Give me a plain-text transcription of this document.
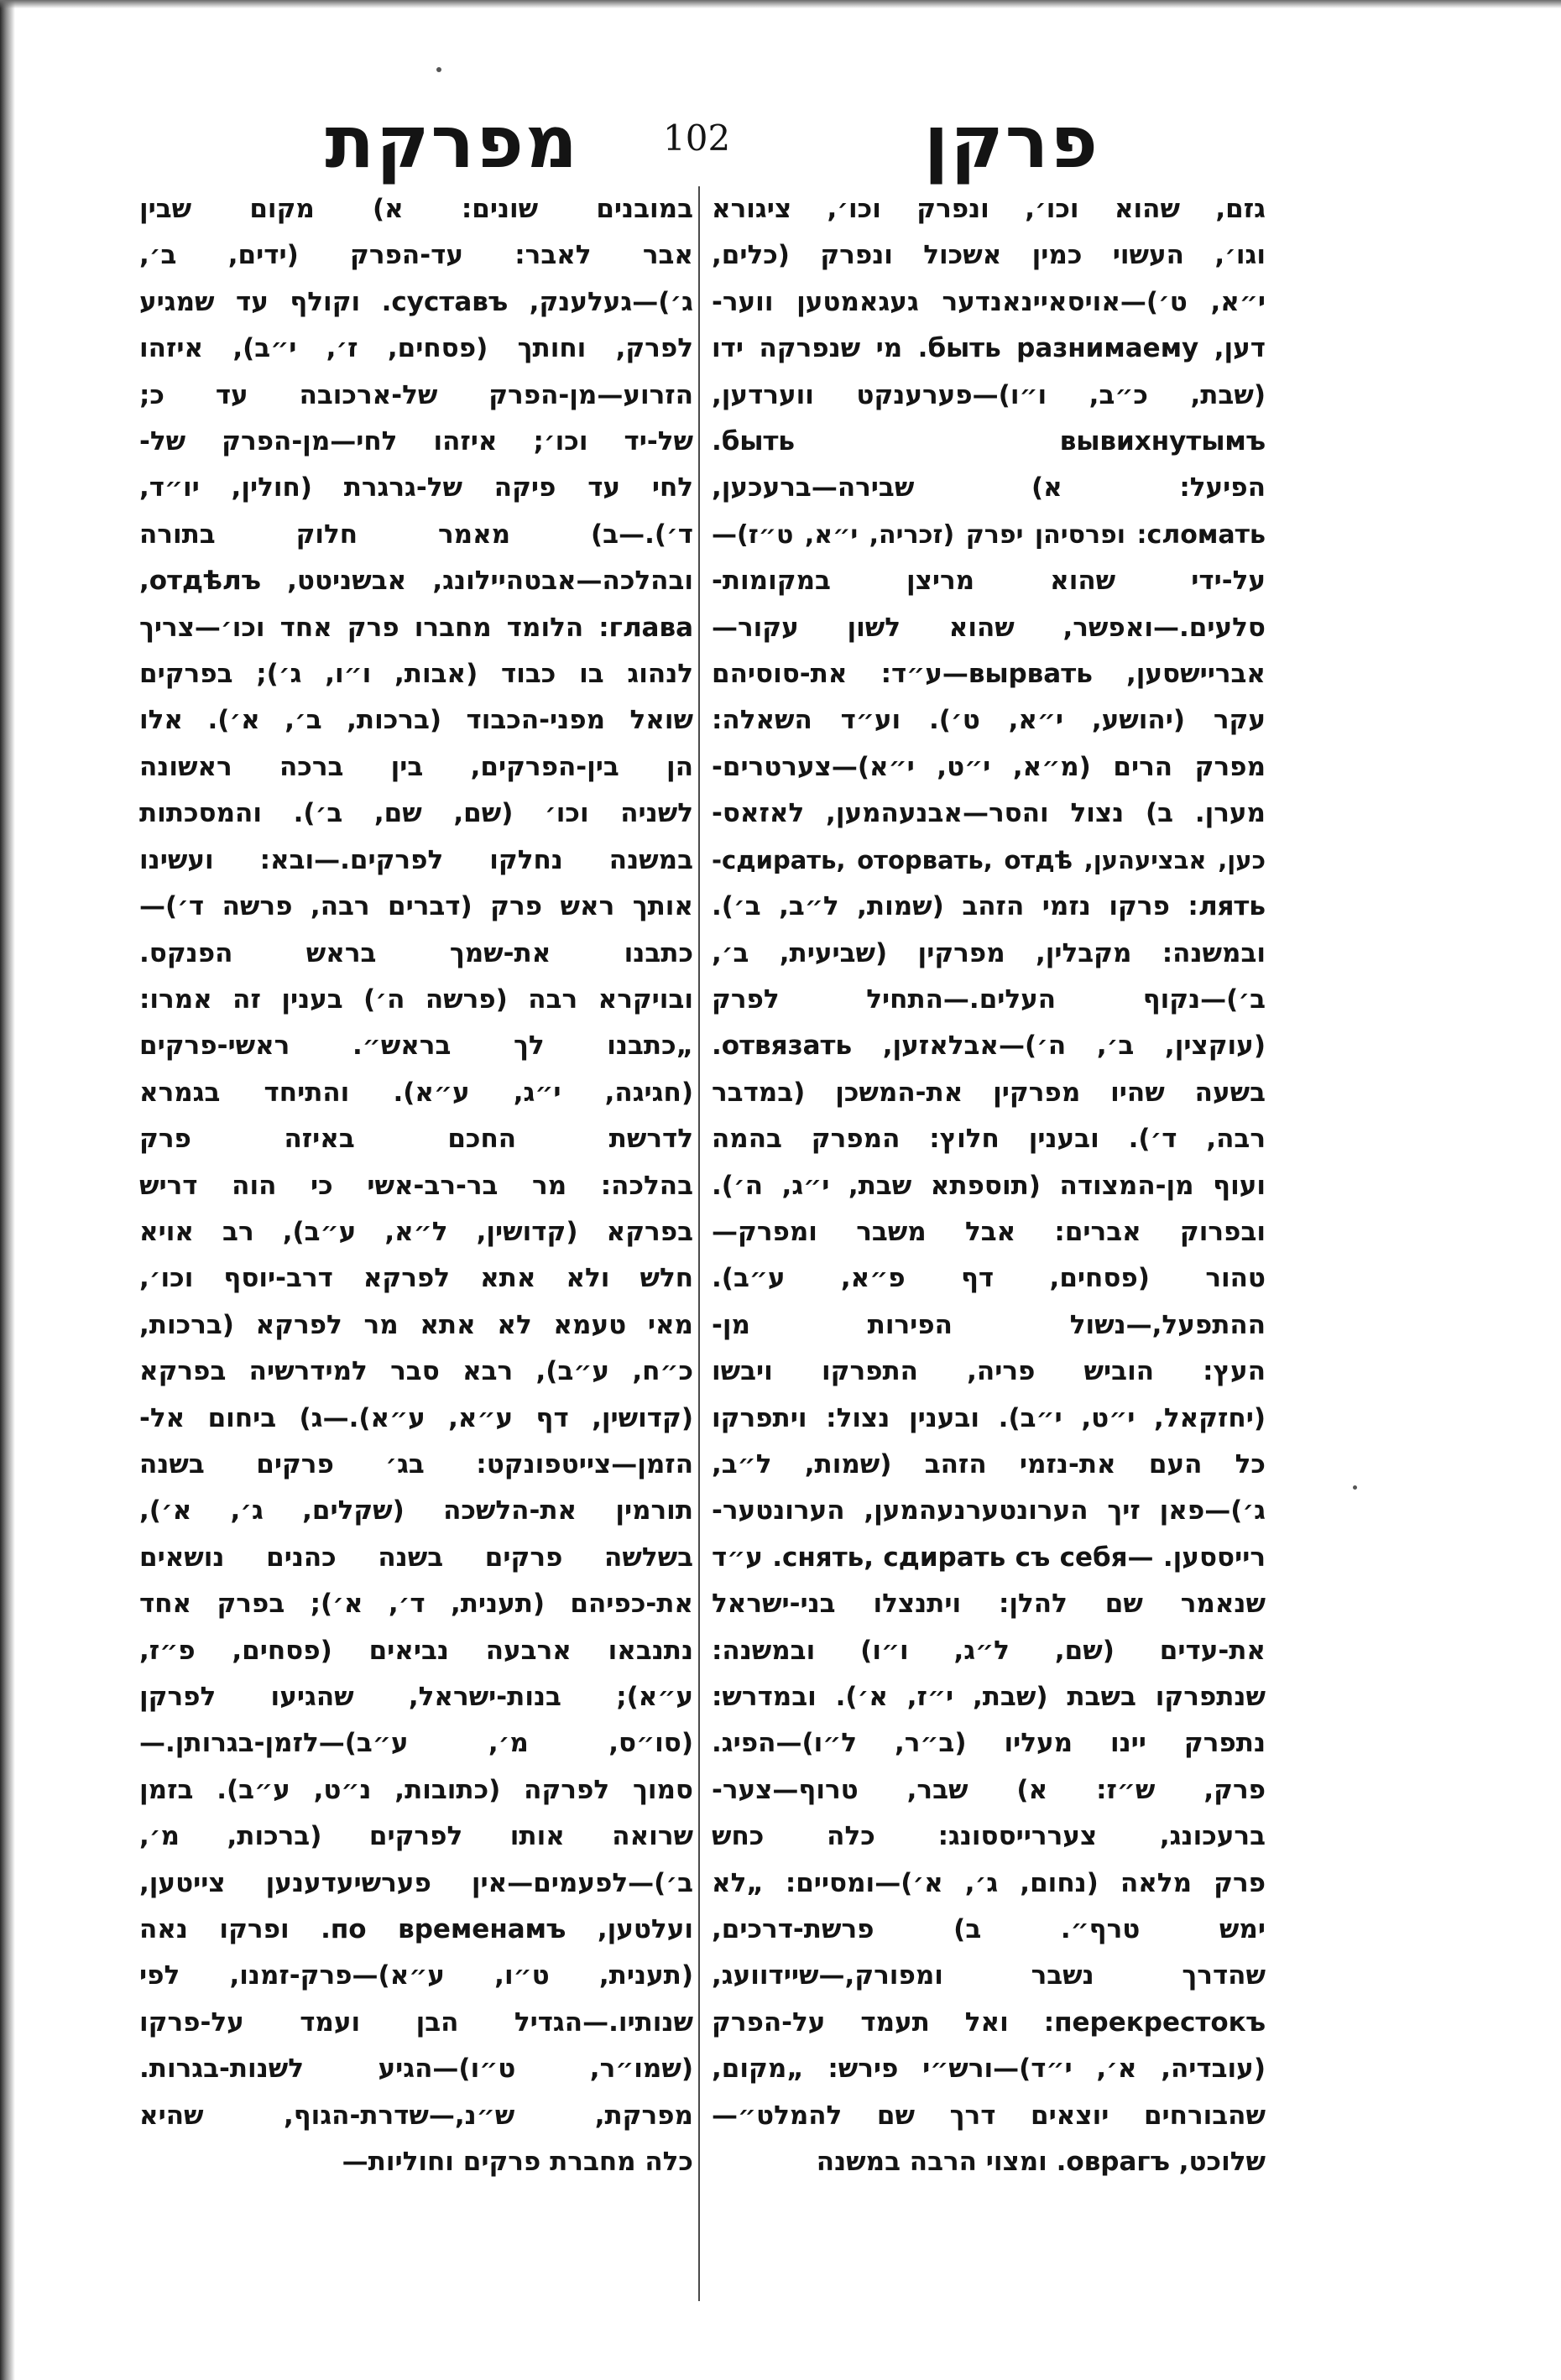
מפרקת 102	פרקן
במובנים שונים: א) מקום שבין
אבר לאבר: עד-הפרק (ידים, ב׳,
ג׳)—געלענק, суставъ. וקולף עד שמגיע
לפרק, וחותך (פסחים, ז׳, י״ב), איזהו
הזרוע—מן-הפרק של-ארכובה עד כ;
של-יד וכו׳; איזהו לחי—מן-הפרק של-
לחי עד פיקה של-גרגרת (חולין, יו״ד,
ד׳).—ב) מאמר חלוק בתורה
ובהלכה—אבטהיילונג, אבשניטט, отдѣлъ,
глава: הלומד מחברו פרק אחד וכו׳—צריך
לנהוג בו כבוד (אבות, ו״ו, ג׳); בפרקים
שואל מפני-הכבוד (ברכות, ב׳, א׳). אלו
הן בין-הפרקים, בין ברכה ראשונה
לשניה וכו׳ (שם, שם, ב׳). והמסכתות
במשנה נחלקו לפרקים.—ובא: ועשינו
אותך ראש פרק (דברים רבה, פרשה ד׳)—
כתבנו את-שמך בראש הפנקס.
ובויקרא רבה (פרשה ה׳) בענין זה אמרו:
„כתבנו לך בראש״. ראשי-פרקים
(חגיגה, י״ג, ע״א). והתיחד בגמרא
לדרשת החכם באיזה פרק
בהלכה: מר בר-רב-אשי כי הוה דריש
בפרקא (קדושין, ל״א, ע״ב), רב אויא
חלש ולא אתא לפרקא דרב-יוסף וכו׳,
מאי טעמא לא אתא מר לפרקא (ברכות,
כ״ח, ע״ב), רבא סבר למידרשיה בפרקא
(קדושין, דף ע״א, ע״א).—ג) ביחום אל-
הזמן—צייטפונקט: בג׳ פרקים בשנה
תורמין את-הלשכה (שקלים, ג׳, א׳),
בשלשה פרקים בשנה כהנים נושאים
את-כפיהם (תענית, ד׳, א׳); בפרק אחד
נתנבאו ארבעה נביאים (פסחים, פ״ז,
ע״א); בנות-ישראל, שהגיעו לפרקן
(סו״ס, מ׳, ע״ב)—לזמן-בגרותן.—
סמוך לפרקה (כתובות, נ״ט, ע״ב). בזמן
שרואה אותו לפרקים (ברכות, מ׳,
ב׳)—לפעמים—אין פערשיעדענען צייטען,
ועלטען, по временамъ. ופרקו נאה
(תענית, ט״ו, ע״א)—פרק-זמנו, לפי
שנותיו.—הגדיל הבן ועמד על-פרקו
(שמו״ר, ט״ו)—הגיע לשנות-בגרות.
מפרקת, ש״נ,—שדרת-הגוף, שהיא
כלה מחברת פרקים וחוליות—
גזם, שהוא וכו׳, ונפרק וכו׳, ציגורא
וגו׳, העשוי כמין אשכול ונפרק (כלים,
י״א, ט׳)—אויסאיינאנדער געגאמטען ווער-
דען, быть разнимаему. מי שנפרקה ידו
(שבת, כ״ב, ו״ו)—פערענקט ווערדען,
быть вывихнутымъ.
הפיעל: א) שבירה—ברעכען,
сломать: ופרסיהן יפרק (זכריה, י״א, ט״ז)—
על-ידי שהוא מריצן במקומות-
סלעים.—ואפשר, שהוא לשון עקור—
אבריישסען, вырвать—ע״ד: את-סוסיהם
עקר (יהושע, י״א, ט׳). וע״ד השאלה:
מפרק הרים (מ״א, י״ט, י״א)—צערטרים-
מערן. ב) נצול והסר—אבנעהמען, לאזאס-
כען, אבציעהען, сдирать, оторвать, отдѣ-
лять: פרקו נזמי הזהב (שמות, ל״ב, ב׳).
ובמשנה: מקבלין, מפרקין (שביעית, ב׳,
ב׳)—נקוף העלים.—התחיל לפרק
(עוקצין, ב׳, ה׳)—אבלאזען, отвязать.
בשעה שהיו מפרקין את-המשכן (במדבר
רבה, ד׳). ובענין חלוץ: המפרק בהמה
ועוף מן-המצודה (תוספתא שבת, י״ג, ה׳).
ובפרוק אברים: אבל משבר ומפרק—
טהור (פסחים, דף פ״א, ע״ב).
ההתפעל,—נשול הפירות מן-
העץ: הוביש פריה, התפרקו ויבשו
(יחזקאל, י״ט, י״ב). ובענין נצול: ויתפרקו
כל העם את-נזמי הזהב (שמות, ל״ב,
ג׳)—פאן זיך הערונטערנעהמען, הערונטער-
רייססען. —снять, сдирать съ себя. ע״ד
שנאמר שם להלן: ויתנצלו בני-ישראל
את-עדים (שם, ל״ג, ו״ו) ובמשנה:
שנתפרקו בשבת (שבת, י״ז, א׳). ובמדרש:
נתפרק יינו מעליו (ב״ר, ל״ו)—הפיג.
פרק, ש״ז: א) שבר, טרוף—צער-
ברעכונג, צעררייססונג: כלה כחש
פרק מלאה (נחום, ג׳, א׳)—ומסיים: „לא
ימש טרף״. ב) פרשת-דרכים,
שהדרך נשבר ומפורק,—שיידוועג,
перекрестокъ: ואל תעמד על-הפרק
(עובדיה, א׳, י״ד)—ורש״י פירש: „מקום,
שהבורחים יוצאים דרך שם להמלט״—
שלוכט, оврагъ. ומצוי הרבה במשנה
